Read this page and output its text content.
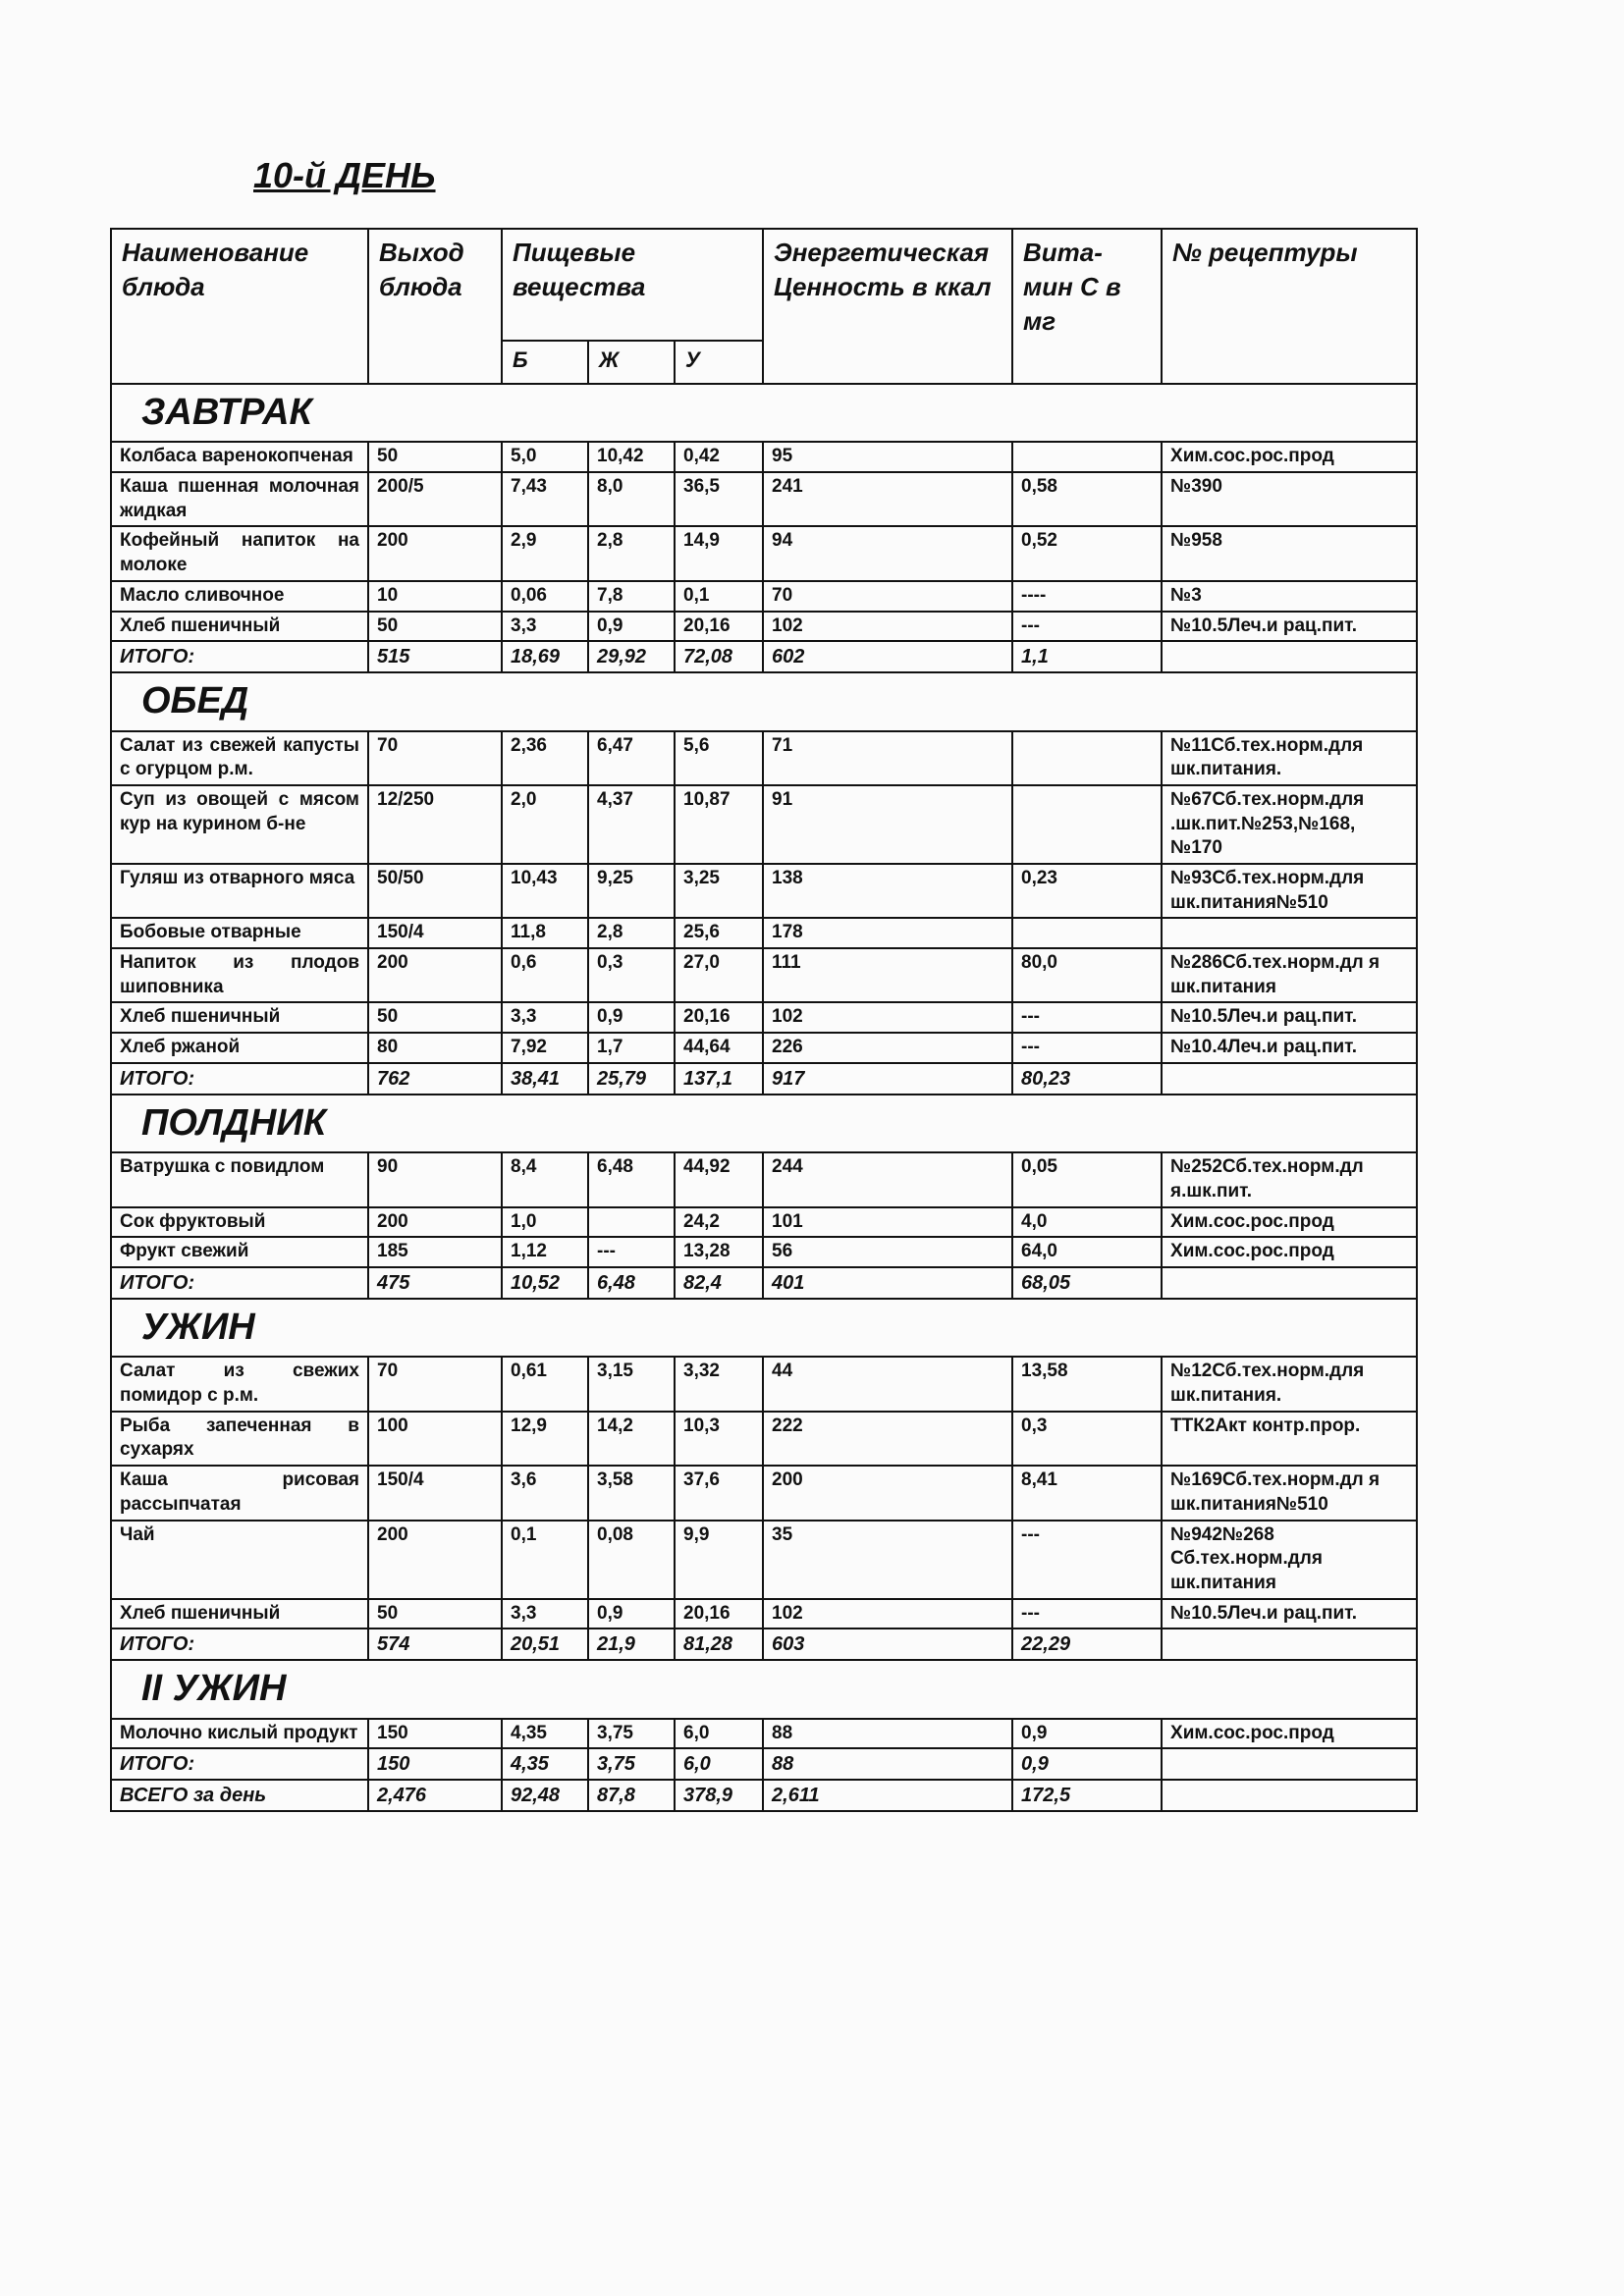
10-й ДЕНЬ
Наименование блюда	Выход блюда	Пищевые вещества			Энергетическая Ценность в ккал	Вита-мин С в мг	№ рецептуры
		Б	Ж	У			
ЗАВТРАК							
Колбаса варенокопченая	50	5,0	10,42	0,42	95		Хим.сос.рос.прод
Каша пшенная молочная жидкая	200/5	7,43	8,0	36,5	241	0,58	№390
Кофейный напиток на молоке	200	2,9	2,8	14,9	94	0,52	№958
Масло сливочное	10	0,06	7,8	0,1	70	----	№3
Хлеб пшеничный	50	3,3	0,9	20,16	102	---	№10.5Леч.и рац.пит.
ИТОГО:	515	18,69	29,92	72,08	602	1,1	
ОБЕД							
Салат из свежей капусты с огурцом р.м.	70	2,36	6,47	5,6	71		№11Сб.тех.норм.для шк.питания.
Суп из овощей с мясом кур на курином б-не	12/250	2,0	4,37	10,87	91		№67Сб.тех.норм.для .шк.пит.№253,№168, №170
Гуляш из отварного мяса	50/50	10,43	9,25	3,25	138	0,23	№93Сб.тех.норм.для шк.питания№510
Бобовые отварные	150/4	11,8	2,8	25,6	178		
Напиток из плодов шиповника	200	0,6	0,3	27,0	111	80,0	№286Сб.тех.норм.дл я шк.питания
Хлеб пшеничный	50	3,3	0,9	20,16	102	---	№10.5Леч.и рац.пит.
Хлеб ржаной	80	7,92	1,7	44,64	226	---	№10.4Леч.и рац.пит.
ИТОГО:	762	38,41	25,79	137,1	917	80,23	
ПОЛДНИК							
Ватрушка с повидлом	90	8,4	6,48	44,92	244	0,05	№252Сб.тех.норм.дл я.шк.пит.
Сок фруктовый	200	1,0		24,2	101	4,0	Хим.сос.рос.прод
Фрукт свежий	185	1,12	---	13,28	56	64,0	Хим.сос.рос.прод
ИТОГО:	475	10,52	6,48	82,4	401	68,05	
УЖИН							
Салат из свежих помидор с р.м.	70	0,61	3,15	3,32	44	13,58	№12Сб.тех.норм.для шк.питания.
Рыба запеченная в сухарях	100	12,9	14,2	10,3	222	0,3	ТТК2Акт контр.прор.
Каша рисовая рассыпчатая	150/4	3,6	3,58	37,6	200	8,41	№169Сб.тех.норм.дл я шк.питания№510
Чай	200	0,1	0,08	9,9	35	---	№942№268 Сб.тех.норм.для шк.питания
Хлеб пшеничный	50	3,3	0,9	20,16	102	---	№10.5Леч.и рац.пит.
ИТОГО:	574	20,51	21,9	81,28	603	22,29	
II УЖИН							
Молочно кислый продукт	150	4,35	3,75	6,0	88	0,9	Хим.сос.рос.прод
ИТОГО:	150	4,35	3,75	6,0	88	0,9	
ВСЕГО за день	2,476	92,48	87,8	378,9	2,611	172,5	
